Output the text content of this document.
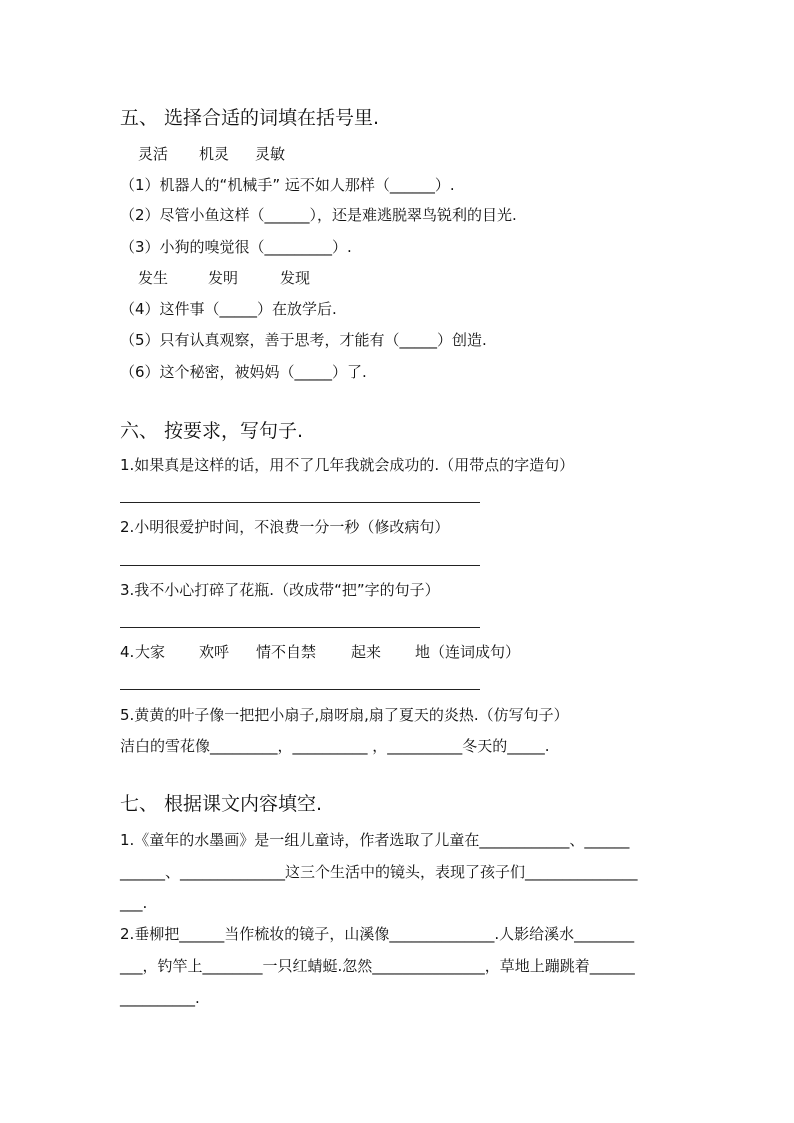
五、 选择合适的词填在括号里.
灵活 机灵 灵敏
（1）机器人的“机械手” 远不如人那样（______）.
（2）尽管小鱼这样（______），还是难逃脱翠鸟锐利的目光.
（3）小狗的嗅觉很（_________）.
发生	发明	发现
（4）这件事（_____）在放学后.
（5）只有认真观察，善于思考，才能有（_____）创造.
（6）这个秘密，被妈妈（_____）了.
六、 按要求，写句子.
1.如果真是这样的话，用不了几年我就会成功的.（用带点的字造句）
2.小明很爱护时间，不浪费一分一秒（修改病句）
3.我不小心打碎了花瓶.（改成带“把”字的句子）
4. 大家 欢呼 情不自禁 起来 地（连词成句）
5.黄黄的叶子像一把把小扇子,扇呀扇,扇了夏天的炎热.（仿写句子）
洁白的雪花像_________，__________ ，__________冬天的_____.
七、 根据课文内容填空.
1.《童年的水墨画》是一组儿童诗，作者选取了儿童在____________、______
______、______________这三个生活中的镜头，表现了孩子们_______________
___.
2.垂柳把______当作梳妆的镜子，山溪像______________.人影给溪水________
___，钓竿上________一只红蜻蜓.忽然_______________，草地上蹦跳着______
__________.
